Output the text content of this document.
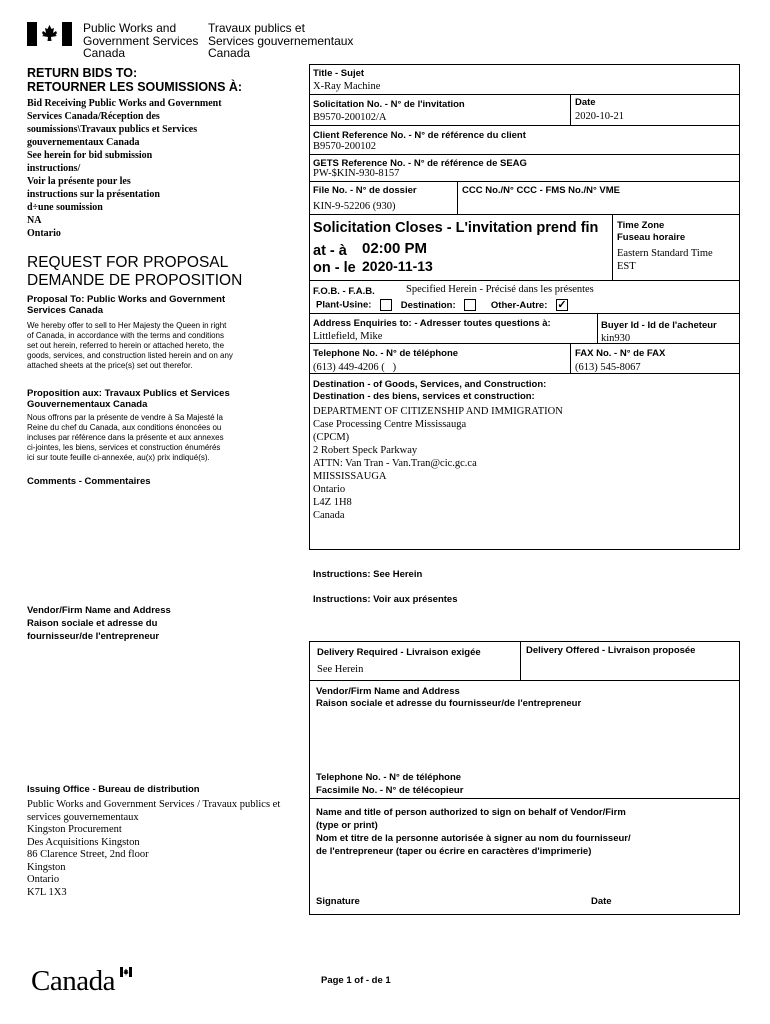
Public Works and
Government Services
Canada
Travaux publics et
Services gouvernementaux
Canada
RETURN BIDS TO:
RETOURNER LES SOUMISSIONS À:
Bid Receiving Public Works and Government
Services Canada/Réception des
soumissions\Travaux publics et Services
gouvernementaux Canada
See herein for bid submission
instructions/
Voir la présente pour les
instructions sur la présentation
d÷une soumission
NA
Ontario
REQUEST FOR PROPOSAL
DEMANDE DE PROPOSITION
Proposal To: Public Works and Government
Services Canada
We hereby offer to sell to Her Majesty the Queen in right
of Canada, in accordance with the terms and conditions
set out herein, referred to herein or attached hereto, the
goods, services, and construction listed herein and on any
attached sheets at the price(s) set out therefor.
Proposition aux: Travaux Publics et Services
Gouvernementaux Canada
Nous offrons par la présente de vendre à Sa Majesté la
Reine du chef du Canada, aux conditions énoncées ou
incluses par référence dans la présente et aux annexes
ci-jointes, les biens, services et construction énumérés
ici sur toute feuille ci-annexée, au(x) prix indiqué(s).
Comments - Commentaires
Vendor/Firm Name and Address
Raison sociale et adresse du
fournisseur/de l'entrepreneur
Issuing Office - Bureau de distribution
Public Works and Government Services / Travaux publics et
services gouvernementaux
Kingston Procurement
Des Acquisitions Kingston
86 Clarence Street, 2nd floor
Kingston
Ontario
K7L 1X3
Title - Sujet
X-Ray Machine
Solicitation No. - N° de l'invitation
B9570-200102/A
Date
2020-10-21
Client Reference No. - N° de référence du client
B9570-200102
GETS Reference No. - N° de référence de SEAG
PW-$KIN-930-8157
File No. - N° de dossier
KIN-9-52206 (930)
CCC No./N° CCC - FMS No./N° VME
Solicitation Closes - L'invitation prend fin
at - à 02:00 PM
on - le 2020-11-13
Time Zone
Fuseau horaire
Eastern Standard Time
EST
F.O.B. - F.A.B.	Specified Herein - Précisé dans les présentes
Plant-Usine:	Destination:	Other-Autre: ✓
Address Enquiries to: - Adresser toutes questions à:
Littlefield, Mike
Buyer Id - Id de l'acheteur
kin930
Telephone No. - N° de téléphone
(613) 449-4206 (   )
FAX No. - N° de FAX
(613) 545-8067
Destination - of Goods, Services, and Construction:
Destination - des biens, services et construction:
DEPARTMENT OF CITIZENSHIP AND IMMIGRATION
Case Processing Centre Mississauga
(CPCM)
2 Robert Speck Parkway
ATTN: Van Tran - Van.Tran@cic.gc.ca
MIISSISSAUGA
Ontario
L4Z 1H8
Canada
Instructions: See Herein
Instructions: Voir aux présentes
Delivery Required - Livraison exigée
See Herein
Delivery Offered - Livraison proposée
Vendor/Firm Name and Address
Raison sociale et adresse du fournisseur/de l'entrepreneur
Telephone No. - N° de téléphone
Facsimile No. - N° de télécopieur
Name and title of person authorized to sign on behalf of Vendor/Firm
(type or print)
Nom et titre de la personne autorisée à signer au nom du fournisseur/
de l'entrepreneur (taper ou écrire en caractères d'imprimerie)
Signature	Date
Canada	Page 1 of - de 1
